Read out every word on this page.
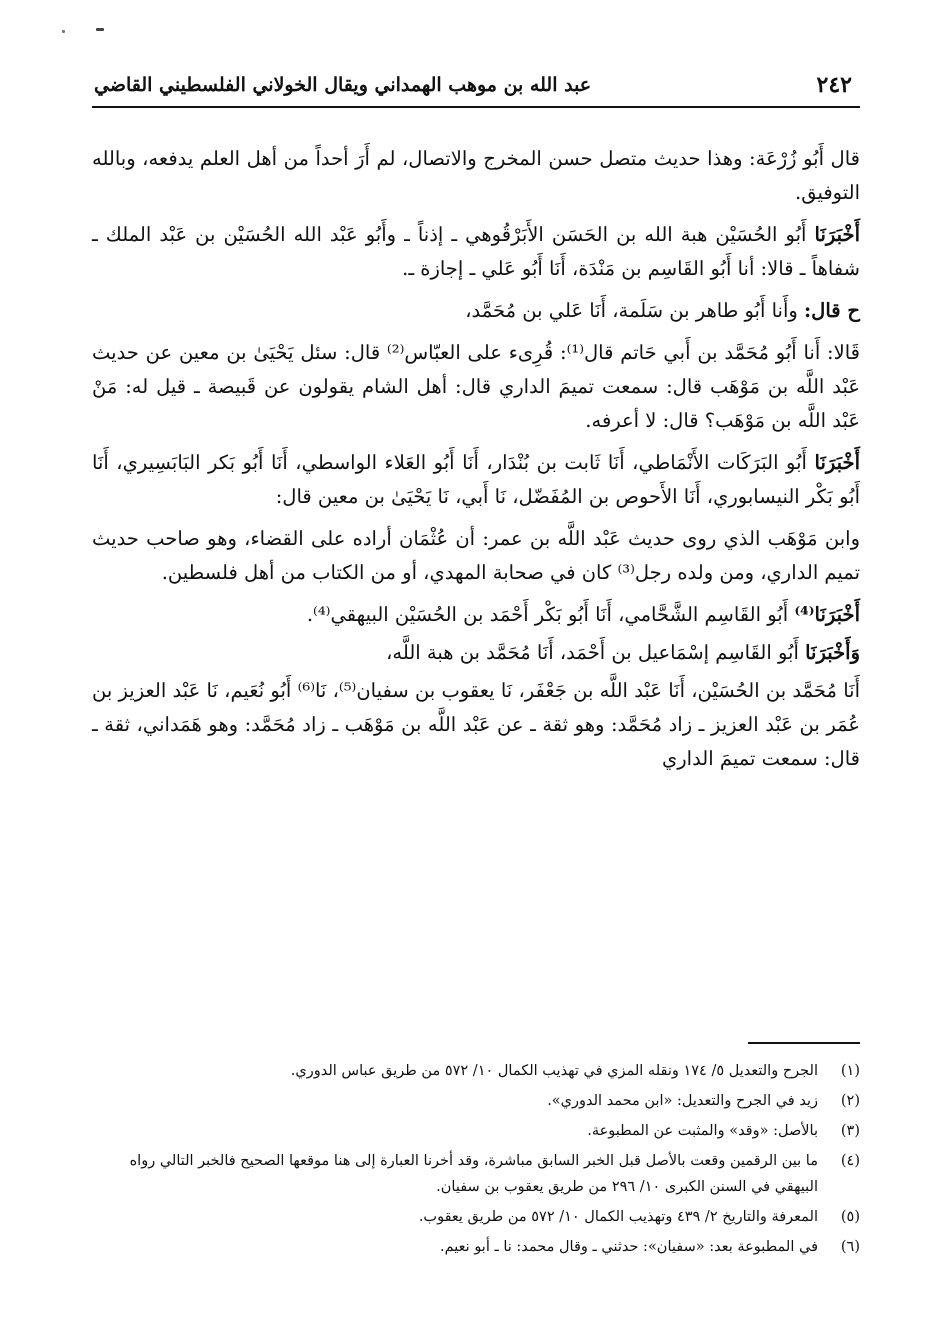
٢٤٢
عبد الله بن موهب الهمداني ويقال الخولاني الفلسطيني القاضي

قال أَبُو زُرْعَة: وهذا حديث متصل حسن المخرج والاتصال، لم أَرَ أحداً من أهل العلم يدفعه، وبالله التوفيق.

أَخْبَرَنَا أَبُو الحُسَيْن هبة الله بن الحَسَن الأَبَرْقُوهي ـ إذناً ـ وأَبُو عَبْد الله الحُسَيْن بن عَبْد الملك ـ شفاهاً ـ قالا: أنا أَبُو القَاسِم بن مَنْدَة، أَنَا أَبُو عَلي ـ إجازة ـ.

ح قال: وأَنا أَبُو طاهر بن سَلَمة، أَنَا عَلي بن مُحَمَّد،

قَالا: أَنا أَبُو مُحَمَّد بن أَبي حَاتم قال⁽¹⁾: قُرِىء على العبّاس⁽²⁾ قال: سئل يَحْيَىٰ بن معين عن حديث عَبْد اللَّه بن مَوْهَب قال: سمعت تميمَ الداري قال: أهل الشام يقولون عن قَبيصة ـ قيل له: مَنْ عَبْد اللَّه بن مَوْهَب؟ قال: لا أعرفه.

أَخْبَرَنَا أَبُو البَرَكَات الأَنْمَاطي، أَنَا ثَابت بن بُنْدَار، أَنَا أَبُو العَلاء الواسطي، أَنَا أَبُو بَكر البَابَسِيري، أَنَا أَبُو بَكْر النيسابوري، أَنَا الأَحوص بن المُفَضّل، نَا أَبي، نَا يَحْيَىٰ بن معين قال:

وابن مَوْهَب الذي روى حديث عَبْد اللَّه بن عمر: أن عُثْمَان أراده على القضاء، وهو صاحب حديث تميم الداري، ومن ولده رجل⁽³⁾ كان في صحابة المهدي، أو من الكتاب من أهل فلسطين.

أَخْبَرَنَا⁽⁴⁾ أَبُو القَاسِم الشَّحَّامي، أَنَا أَبُو بَكْر أَحْمَد بن الحُسَيْن البيهقي⁽⁴⁾.

وَأَخْبَرَنَا أَبُو القَاسِم إسْمَاعيل بن أَحْمَد، أَنَا مُحَمَّد بن هبة اللَّه،

أَنَا مُحَمَّد بن الحُسَيْن، أَنَا عَبْد اللَّه بن جَعْفَر، نَا يعقوب بن سفيان⁽⁵⁾، نَا⁽⁶⁾ أَبُو نُعَيم، نَا عَبْد العزيز بن عُمَر بن عَبْد العزيز ـ زاد مُحَمَّد: وهو ثقة ـ عن عَبْد اللَّه بن مَوْهَب ـ زاد مُحَمَّد: وهو هَمَداني، ثقة ـ قال: سمعت تميمَ الداري

(١)
الجرح والتعديل ٥/ ١٧٤ ونقله المزي في تهذيب الكمال ١٠/ ٥٧٢ من طريق عباس الدوري.
(٢)
زيد في الجرح والتعديل: «ابن محمد الدوري».
(٣)
بالأصل: «وقد» والمثبت عن المطبوعة.
(٤)
ما بين الرقمين وقعت بالأصل قبل الخبر السابق مباشرة، وقد أخرنا العبارة إلى هنا موقعها الصحيح فالخبر التالي رواه البيهقي في السنن الكبرى ١٠/ ٢٩٦ من طريق يعقوب بن سفيان.
(٥)
المعرفة والتاريخ ٢/ ٤٣٩ وتهذيب الكمال ١٠/ ٥٧٢ من طريق يعقوب.
(٦)
في المطبوعة بعد: «سفيان»: حدثني ـ وقال محمد: نا ـ أبو نعيم.
